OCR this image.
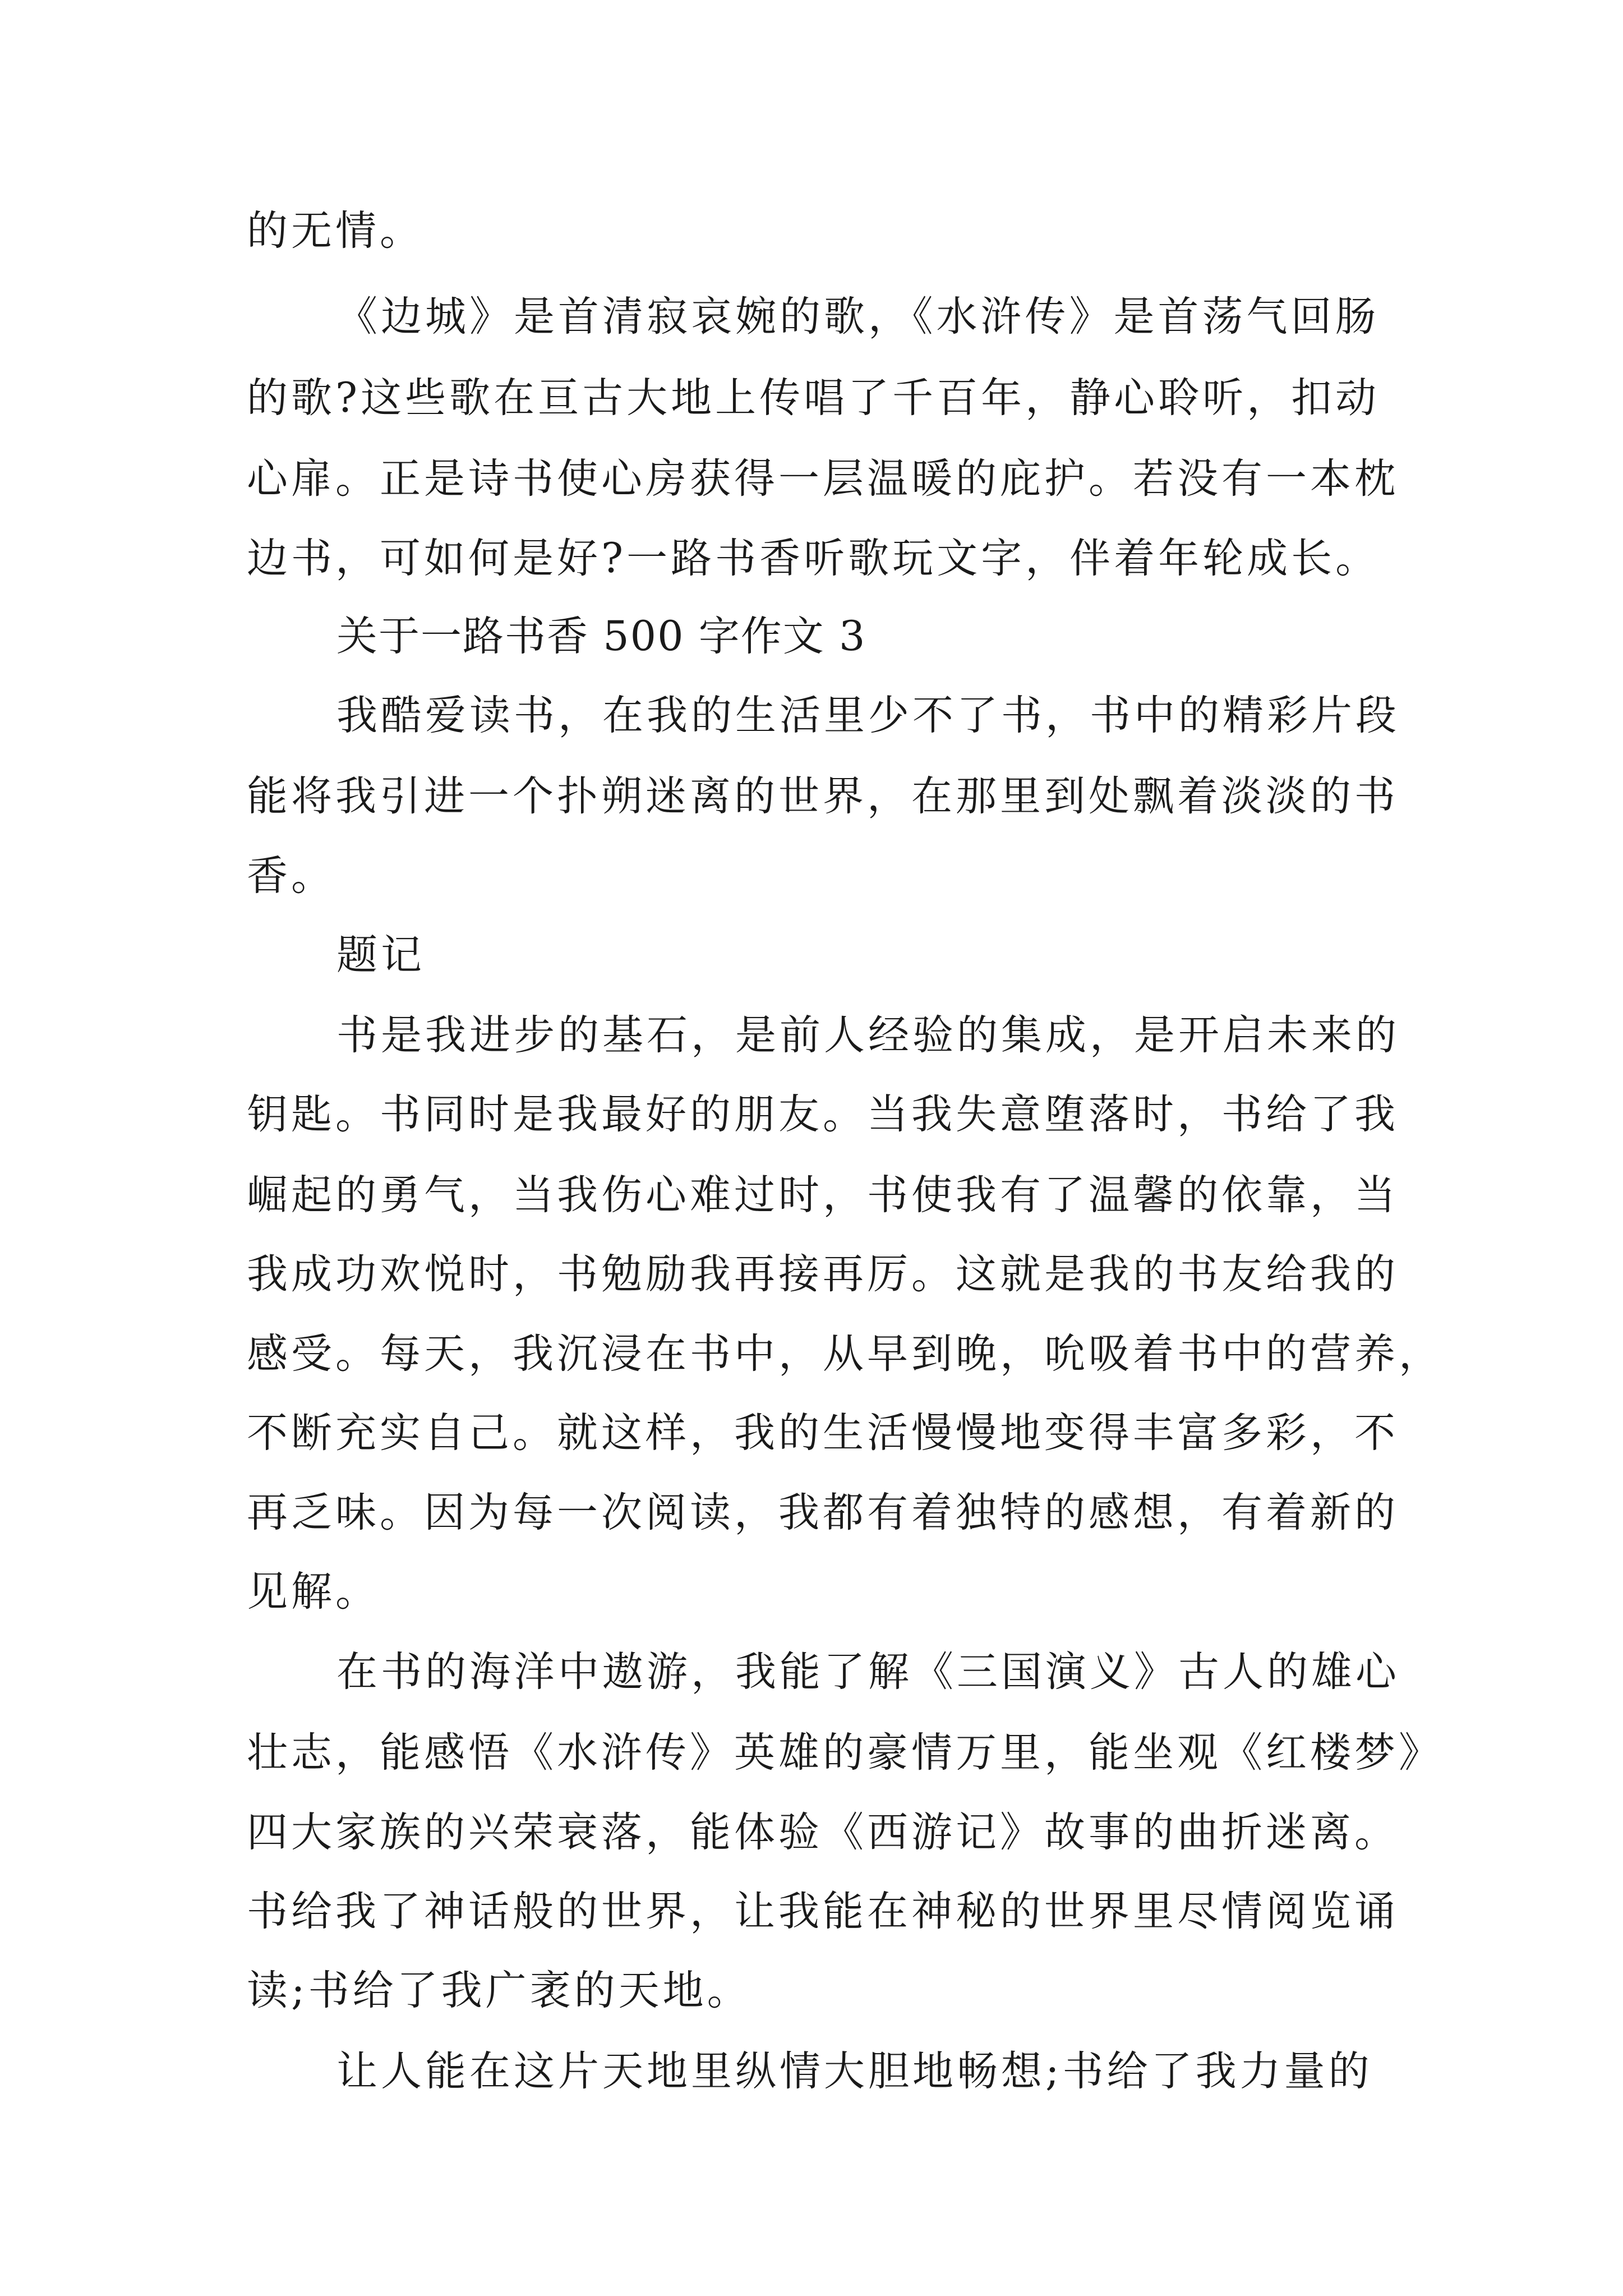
的无情。

《边城》是首清寂哀婉的歌，《水浒传》是首荡气回肠

的歌?这些歌在亘古大地上传唱了千百年，静心聆听，扣动

心扉。正是诗书使心房获得一层温暖的庇护。若没有一本枕

边书，可如何是好?一路书香听歌玩文字，伴着年轮成长。

关于一路书香 500 字作文 3

我酷爱读书，在我的生活里少不了书，书中的精彩片段

能将我引进一个扑朔迷离的世界，在那里到处飘着淡淡的书

香。

题记

书是我进步的基石，是前人经验的集成，是开启未来的

钥匙。书同时是我最好的朋友。当我失意堕落时，书给了我

崛起的勇气，当我伤心难过时，书使我有了温馨的依靠，当

我成功欢悦时，书勉励我再接再厉。这就是我的书友给我的

感受。每天，我沉浸在书中，从早到晚，吮吸着书中的营养，

不断充实自己。就这样，我的生活慢慢地变得丰富多彩，不

再乏味。因为每一次阅读，我都有着独特的感想，有着新的

见解。

在书的海洋中遨游，我能了解《三国演义》古人的雄心

壮志，能感悟《水浒传》英雄的豪情万里，能坐观《红楼梦》

四大家族的兴荣衰落，能体验《西游记》故事的曲折迷离。

书给我了神话般的世界，让我能在神秘的世界里尽情阅览诵

读;书给了我广袤的天地。

让人能在这片天地里纵情大胆地畅想;书给了我力量的
